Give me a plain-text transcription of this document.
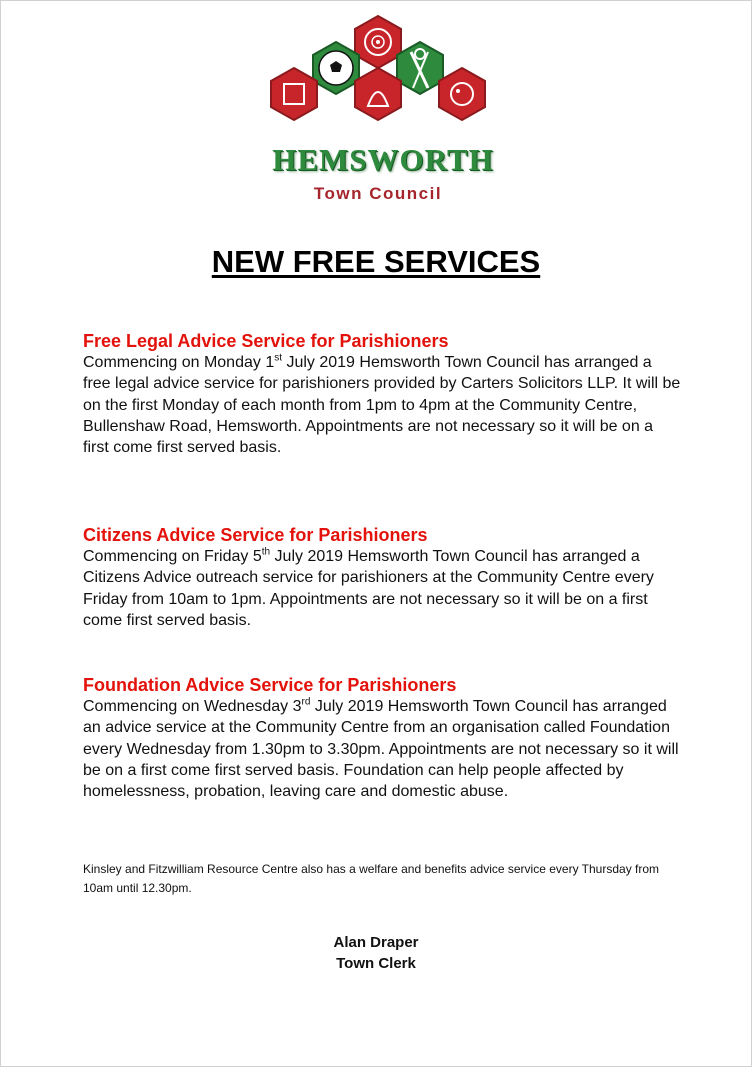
HEMSWORTH
Town Council
NEW FREE SERVICES
Free Legal Advice Service for Parishioners

Commencing on Monday 1st July 2019 Hemsworth Town Council has arranged a free legal advice service for parishioners provided by Carters Solicitors LLP. It will be on the first Monday of each month from 1pm to 4pm at the Community Centre, Bullenshaw Road, Hemsworth. Appointments are not necessary so it will be on a first come first served basis.

Citizens Advice Service for Parishioners

Commencing on Friday 5th July 2019 Hemsworth Town Council has arranged a Citizens Advice outreach service for parishioners at the Community Centre every Friday from 10am to 1pm. Appointments are not necessary so it will be on a first come first served basis.

Foundation Advice Service for Parishioners

Commencing on Wednesday 3rd July 2019 Hemsworth Town Council has arranged an advice service at the Community Centre from an organisation called Foundation every Wednesday from 1.30pm to 3.30pm. Appointments are not necessary so it will be on a first come first served basis. Foundation can help people affected by homelessness, probation, leaving care and domestic abuse.

Kinsley and Fitzwilliam Resource Centre also has a welfare and benefits advice service every Thursday from 10am until 12.30pm.

Alan Draper
Town Clerk
